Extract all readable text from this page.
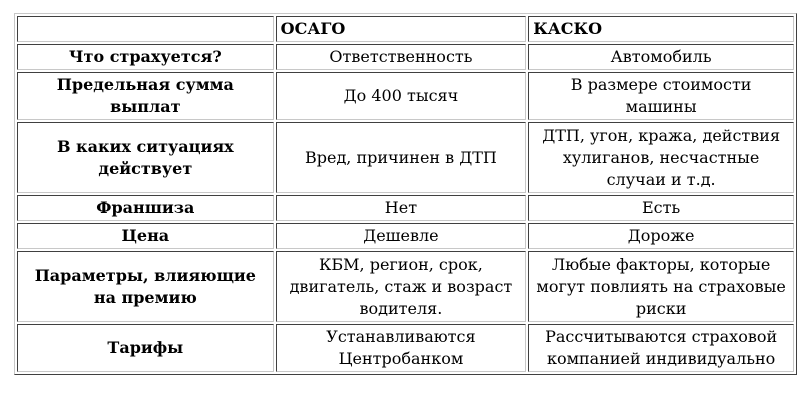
	ОСАГО	КАСКО
Что страхуется?	Ответственность	Автомобиль
Предельная сумма выплат	До 400 тысяч	В размере стоимости машины
В каких ситуациях действует	Вред, причинен в ДТП	ДТП, угон, кража, действия хулиганов, несчастные случаи и т.д.
Франшиза	Нет	Есть
Цена	Дешевле	Дороже
Параметры, влияющие на премию	КБМ, регион, срок, двигатель, стаж и возраст водителя.	Любые факторы, которые могут повлиять на страховые риски
Тарифы	Устанавливаются Центробанком	Рассчитываются страховой компанией индивидуально
